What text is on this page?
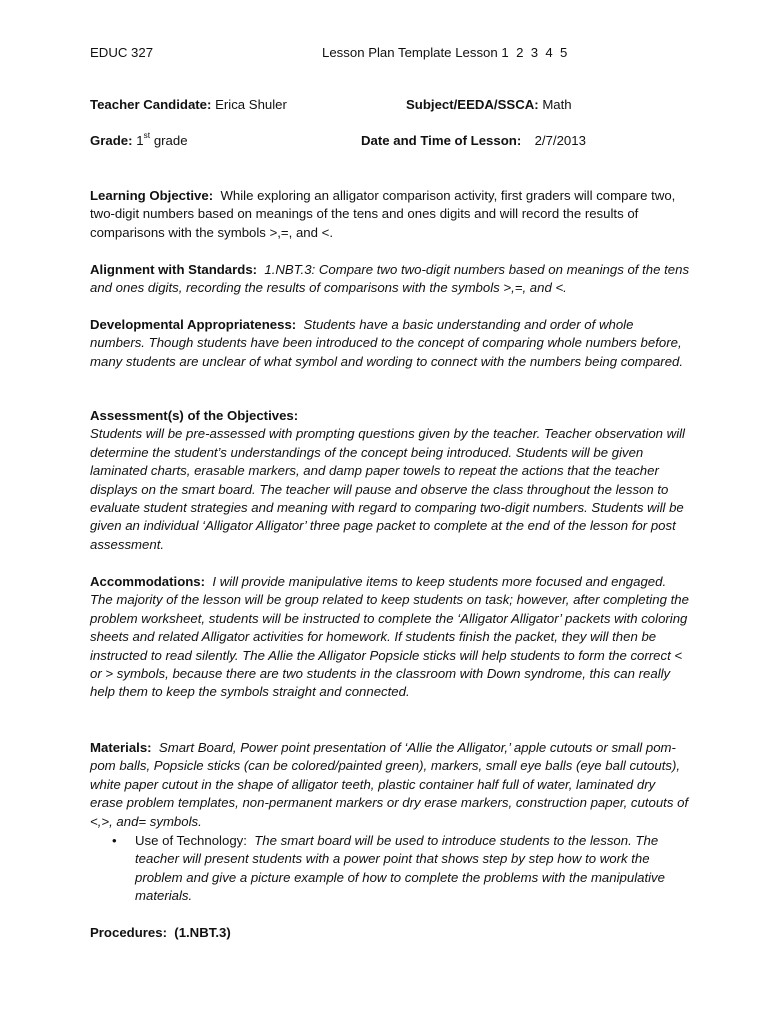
EDUC 327	Lesson Plan Template Lesson 1  2  3  4  5
Teacher Candidate: Erica Shuler	Subject/EEDA/SSCA: Math
Grade: 1st grade	Date and Time of Lesson: 2/7/2013

Learning Objective: While exploring an alligator comparison activity, first graders will compare two, two-digit numbers based on meanings of the tens and ones digits and will record the results of comparisons with the symbols >,=, and <.

Alignment with Standards: 1.NBT.3: Compare two two-digit numbers based on meanings of the tens and ones digits, recording the results of comparisons with the symbols >,=, and <.

Developmental Appropriateness: Students have a basic understanding and order of whole numbers. Though students have been introduced to the concept of comparing whole numbers before, many students are unclear of what symbol and wording to connect with the numbers being compared.

Assessment(s) of the Objectives:

Students will be pre-assessed with prompting questions given by the teacher. Teacher observation will determine the student’s understandings of the concept being introduced. Students will be given laminated charts, erasable markers, and damp paper towels to repeat the actions that the teacher displays on the smart board. The teacher will pause and observe the class throughout the lesson to evaluate student strategies and meaning with regard to comparing two-digit numbers. Students will be given an individual ‘Alligator Alligator’ three page packet to complete at the end of the lesson for post assessment.

Accommodations: I will provide manipulative items to keep students more focused and engaged. The majority of the lesson will be group related to keep students on task; however, after completing the problem worksheet, students will be instructed to complete the ‘Alligator Alligator’ packets with coloring sheets and related Alligator activities for homework. If students finish the packet, they will then be instructed to read silently. The Allie the Alligator Popsicle sticks will help students to form the correct < or > symbols, because there are two students in the classroom with Down syndrome, this can really help them to keep the symbols straight and connected.

Materials: Smart Board, Power point presentation of ‘Allie the Alligator,’ apple cutouts or small pom-pom balls, Popsicle sticks (can be colored/painted green), markers, small eye balls (eye ball cutouts), white paper cutout in the shape of alligator teeth, plastic container half full of water, laminated dry erase problem templates, non-permanent markers or dry erase markers, construction paper, cutouts of <,>, and= symbols.

• Use of Technology: The smart board will be used to introduce students to the lesson. The teacher will present students with a power point that shows step by step how to work the problem and give a picture example of how to complete the problems with the manipulative materials.
Procedures: (1.NBT.3)
